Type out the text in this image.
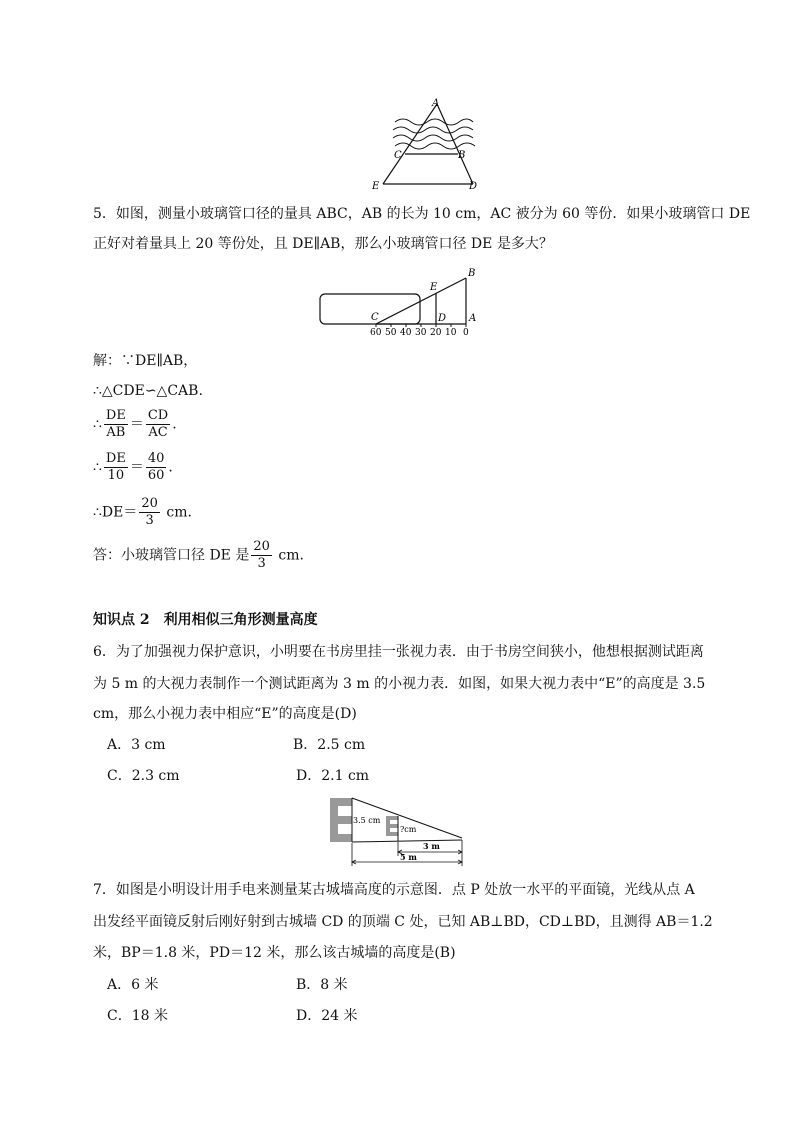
A
C	B
E	D
5．如图，测量小玻璃管口径的量具 ABC，AB 的长为 10 cm，AC 被分为 60 等份．如果小玻璃管口 DE
正好对着量具上 20 等份处，且 DE∥AB，那么小玻璃管口径 DE 是多大？
C	D A
E
B
60 50 40 30 20 10 0
解：∵DE∥AB，
∴△CDE∽△CAB.
∴ $\frac{DE}{AB} = \frac{CD}{AC}$ .
∴ $\frac{DE}{10} = \frac{40}{60}$ .
∴DE＝ $\frac{20}{3}$ cm.
答：小玻璃管口径 DE 是 $\frac{20}{3}$ cm.
知识点 2　利用相似三角形测量高度
6．为了加强视力保护意识，小明要在书房里挂一张视力表．由于书房空间狭小，他想根据测试距离
为 5 m 的大视力表制作一个测试距离为 3 m 的小视力表．如图，如果大视力表中“E”的高度是 3.5
cm，那么小视力表中相应“E”的高度是(D)
A．3 cm	B．2.5 cm
C．2.3 cm	D．2.1 cm
3.5 cm
?cm
3 m
5 m
7．如图是小明设计用手电来测量某古城墙高度的示意图．点 P 处放一水平的平面镜，光线从点 A
出发经平面镜反射后刚好射到古城墙 CD 的顶端 C 处，已知 AB⊥BD，CD⊥BD，且测得 AB＝1.2
米，BP＝1.8 米，PD＝12 米，那么该古城墙的高度是(B)
A．6 米	B．8 米
C．18 米	D．24 米
